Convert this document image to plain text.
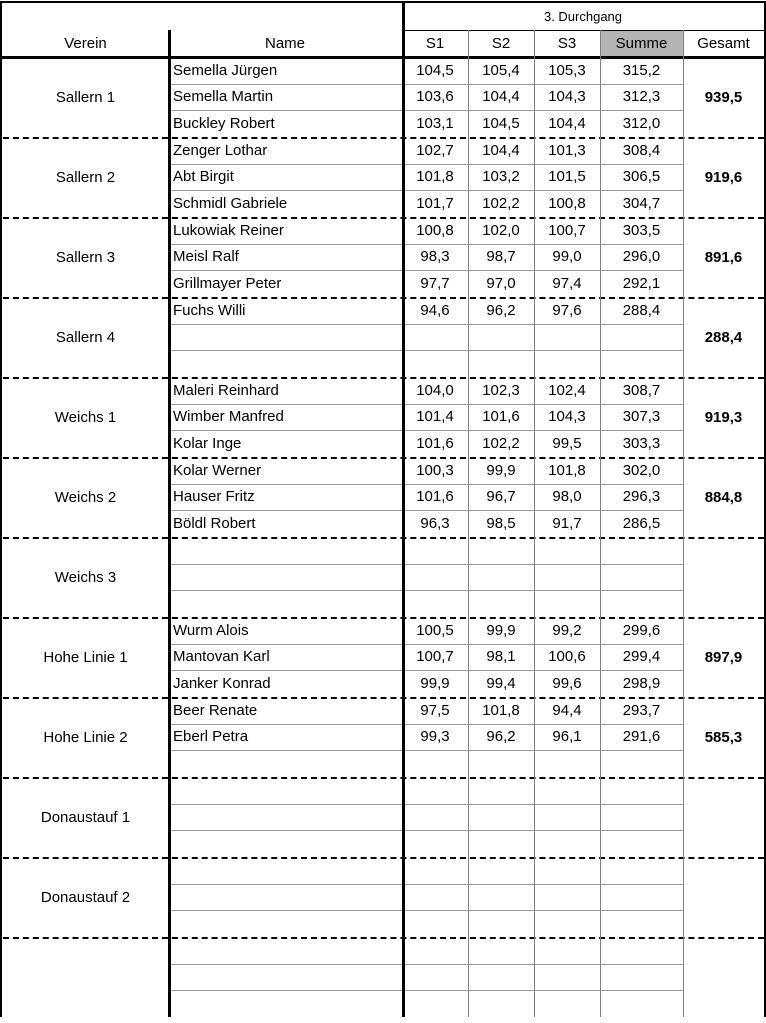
3. Durchgang
Verein	Name	S1	S2	S3	Summe	Gesamt
Sallern 1	939,5
Semella Jürgen	104,5	105,4	105,3	315,2
Semella Martin	103,6	104,4	104,3	312,3
Buckley Robert	103,1	104,5	104,4	312,0
Sallern 2	919,6
Zenger Lothar	102,7	104,4	101,3	308,4
Abt Birgit	101,8	103,2	101,5	306,5
Schmidl Gabriele	101,7	102,2	100,8	304,7
Sallern 3	891,6
Lukowiak Reiner	100,8	102,0	100,7	303,5
Meisl Ralf	98,3	98,7	99,0	296,0
Grillmayer Peter	97,7	97,0	97,4	292,1
Sallern 4	288,4
Fuchs Willi	94,6	96,2	97,6	288,4
Weichs 1	919,3
Maleri Reinhard	104,0	102,3	102,4	308,7
Wimber Manfred	101,4	101,6	104,3	307,3
Kolar Inge	101,6	102,2	99,5	303,3
Weichs 2	884,8
Kolar Werner	100,3	99,9	101,8	302,0
Hauser Fritz	101,6	96,7	98,0	296,3
Böldl Robert	96,3	98,5	91,7	286,5
Weichs 3
Hohe Linie 1	897,9
Wurm Alois	100,5	99,9	99,2	299,6
Mantovan Karl	100,7	98,1	100,6	299,4
Janker Konrad	99,9	99,4	99,6	298,9
Hohe Linie 2	585,3
Beer Renate	97,5	101,8	94,4	293,7
Eberl Petra	99,3	96,2	96,1	291,6
Donaustauf 1
Donaustauf 2
